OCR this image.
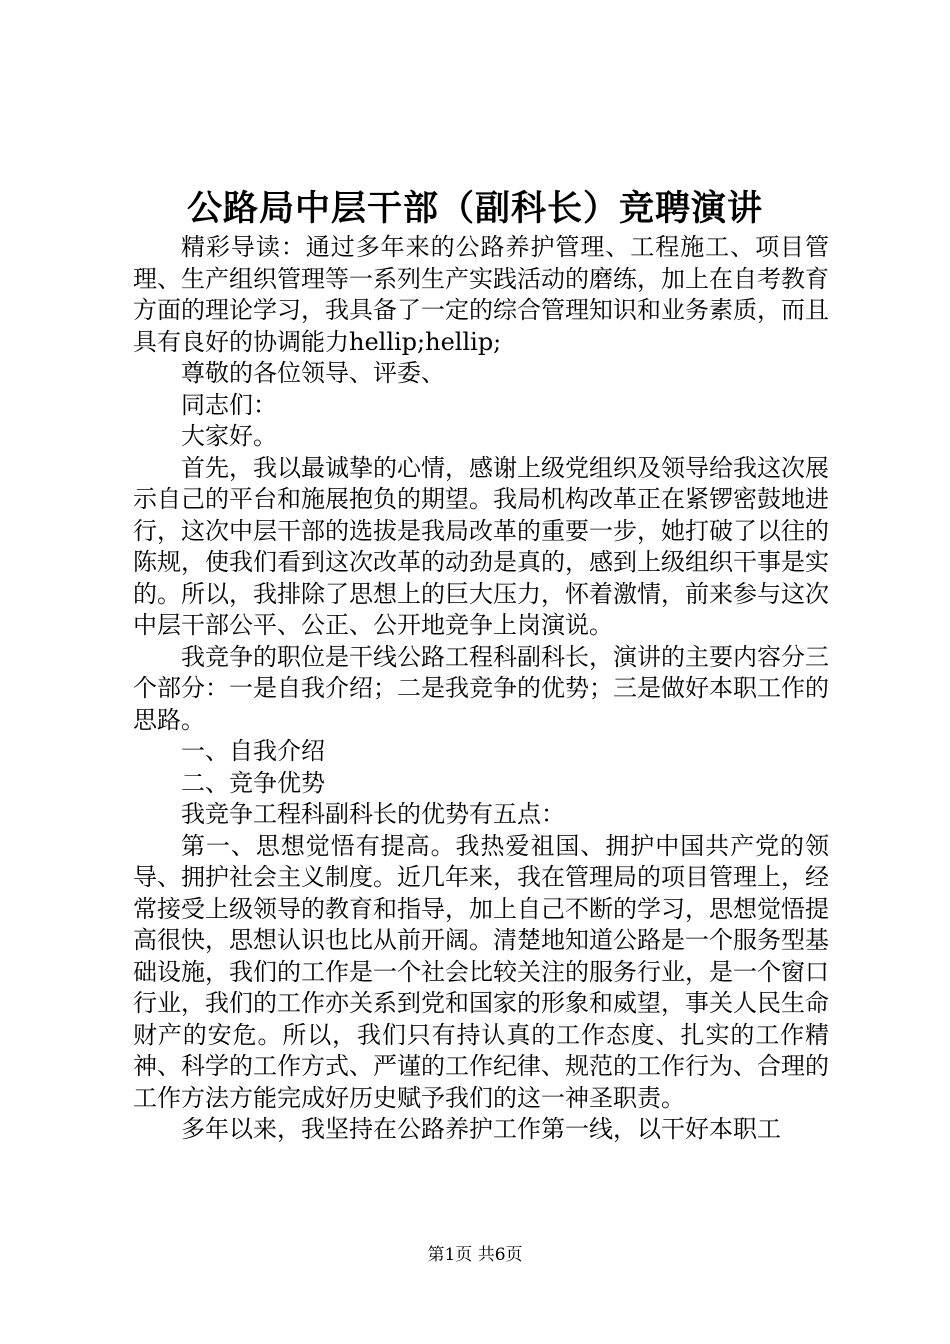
公路局中层干部（副科长）竞聘演讲

精彩导读：通过多年来的公路养护管理、工程施工、项目管理、生产组织管理等一系列生产实践活动的磨练，加上在自考教育方面的理论学习，我具备了一定的综合管理知识和业务素质，而且具有良好的协调能力hellip;hellip;

尊敬的各位领导、评委、

同志们：

大家好。

首先，我以最诚挚的心情，感谢上级党组织及领导给我这次展示自己的平台和施展抱负的期望。我局机构改革正在紧锣密鼓地进行，这次中层干部的选拔是我局改革的重要一步，她打破了以往的陈规，使我们看到这次改革的动劲是真的，感到上级组织干事是实的。所以，我排除了思想上的巨大压力，怀着激情，前来参与这次中层干部公平、公正、公开地竞争上岗演说。

我竞争的职位是干线公路工程科副科长，演讲的主要内容分三个部分：一是自我介绍；二是我竞争的优势；三是做好本职工作的思路。

一、自我介绍

二、竞争优势

我竞争工程科副科长的优势有五点：

第一、思想觉悟有提高。我热爱祖国、拥护中国共产党的领导、拥护社会主义制度。近几年来，我在管理局的项目管理上，经常接受上级领导的教育和指导，加上自己不断的学习，思想觉悟提高很快，思想认识也比从前开阔。清楚地知道公路是一个服务型基础设施，我们的工作是一个社会比较关注的服务行业，是一个窗口行业，我们的工作亦关系到党和国家的形象和威望，事关人民生命财产的安危。所以，我们只有持认真的工作态度、扎实的工作精神、科学的工作方式、严谨的工作纪律、规范的工作行为、合理的工作方法方能完成好历史赋予我们的这一神圣职责。

多年以来，我坚持在公路养护工作第一线，以干好本职工

第1页 共6页
